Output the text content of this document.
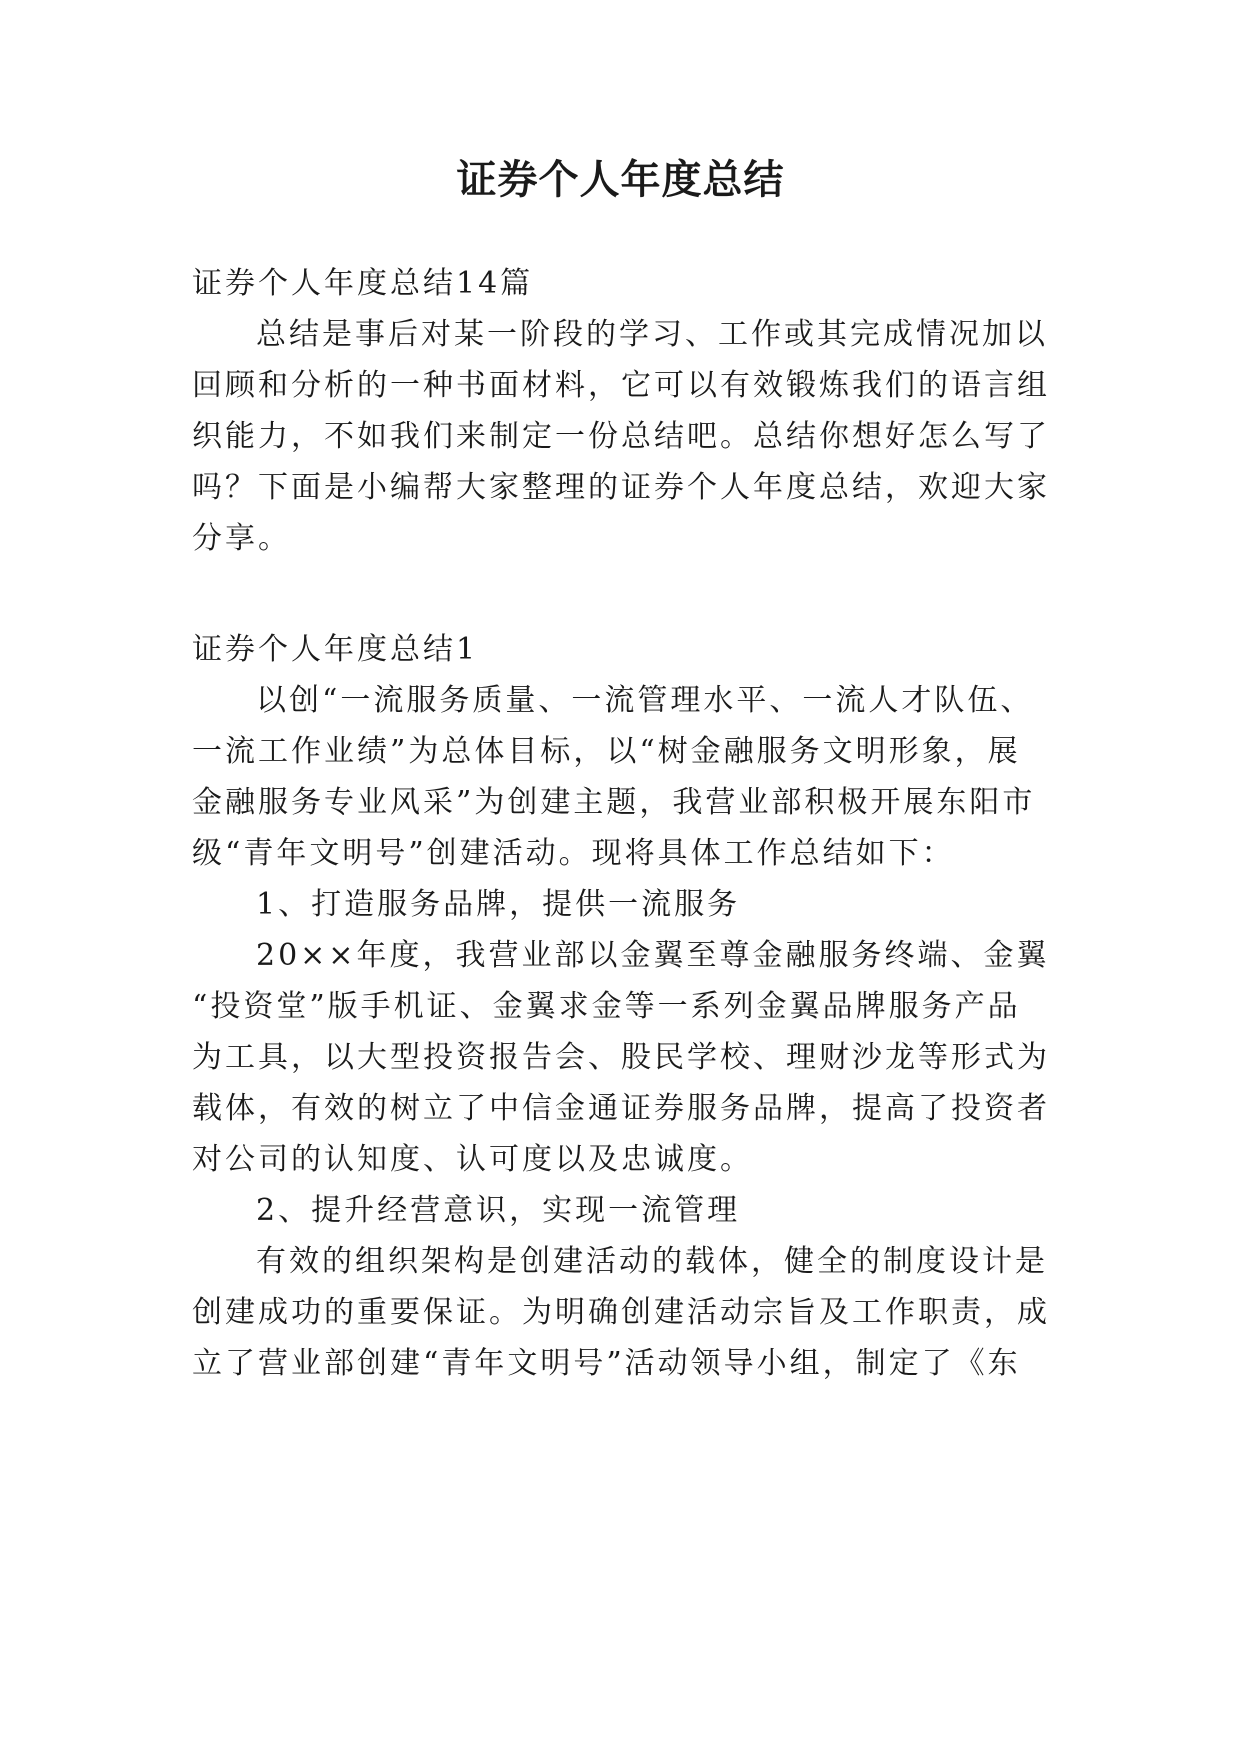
证券个人年度总结

证券个人年度总结14篇

总结是事后对某一阶段的学习、工作或其完成情况加以

回顾和分析的一种书面材料，它可以有效锻炼我们的语言组

织能力，不如我们来制定一份总结吧。总结你想好怎么写了

吗？下面是小编帮大家整理的证券个人年度总结，欢迎大家

分享。

证券个人年度总结1

以创“一流服务质量、一流管理水平、一流人才队伍、

一流工作业绩”为总体目标，以“树金融服务文明形象，展

金融服务专业风采”为创建主题，我营业部积极开展东阳市

级“青年文明号”创建活动。现将具体工作总结如下：

1、打造服务品牌，提供一流服务

20××年度，我营业部以金翼至尊金融服务终端、金翼

“投资堂”版手机证、金翼求金等一系列金翼品牌服务产品

为工具，以大型投资报告会、股民学校、理财沙龙等形式为

载体，有效的树立了中信金通证券服务品牌，提高了投资者

对公司的认知度、认可度以及忠诚度。

2、提升经营意识，实现一流管理

有效的组织架构是创建活动的载体，健全的制度设计是

创建成功的重要保证。为明确创建活动宗旨及工作职责，成

立了营业部创建“青年文明号”活动领导小组，制定了《东
